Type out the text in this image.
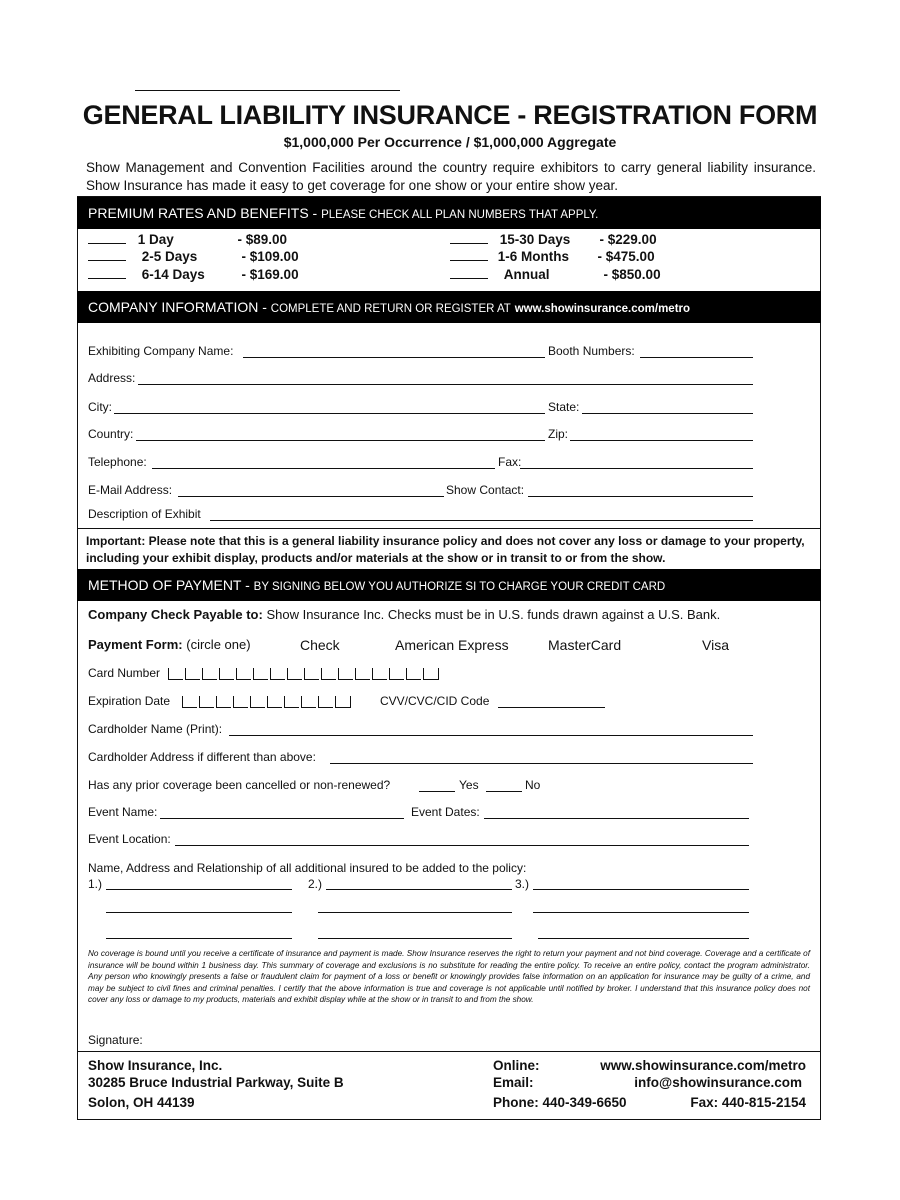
GENERAL LIABILITY INSURANCE - REGISTRATION FORM
$1,000,000 Per Occurrence / $1,000,000 Aggregate
Show Management and Convention Facilities around the country require exhibitors to carry general liability insurance. Show Insurance has made it easy to get coverage for one show or your entire show year.
PREMIUM RATES AND BENEFITS - PLEASE CHECK ALL PLAN NUMBERS THAT APPLY.
1 Day	- $89.00
2-5 Days	- $109.00
6-14 Days	- $169.00
15-30 Days - $229.00
1-6 Months - $475.00
Annual	- $850.00
COMPANY INFORMATION - COMPLETE AND RETURN OR REGISTER AT www.showinsurance.com/metro
Exhibiting Company Name:	Booth Numbers:
Address:
City:	State:
Country:	Zip:
Telephone:	Fax:
E-Mail Address:	Show Contact:
Description of Exhibit
Important: Please note that this is a general liability insurance policy and does not cover any loss or damage to your property, including your exhibit display, products and/or materials at the show or in transit to or from the show.
METHOD OF PAYMENT - BY SIGNING BELOW YOU AUTHORIZE SI TO CHARGE YOUR CREDIT CARD
Company Check Payable to: Show Insurance Inc. Checks must be in U.S. funds drawn against a U.S. Bank.
Payment Form: (circle one)	Check	American Express	MasterCard	Visa
Card Number
Expiration Date	CVV/CVC/CID Code
Cardholder Name (Print):
Cardholder Address if different than above:
Has any prior coverage been cancelled or non-renewed?	Yes	No
Event Name:	Event Dates:
Event Location:
Name, Address and Relationship of all additional insured to be added to the policy:
1.)	2.)	3.)
No coverage is bound until you receive a certificate of insurance and payment is made. Show Insurance reserves the right to return your payment and not bind coverage. Coverage and a certificate of insurance will be bound within 1 business day. This summary of coverage and exclusions is no substitute for reading the entire policy. To receive an entire policy, contact the program administrator. Any person who knowingly presents a false or fraudulent claim for payment of a loss or benefit or knowingly provides false information on an application for insurance may be guilty of a crime, and may be subject to civil fines and criminal penalties. I certify that the above information is true and coverage is not applicable until notified by broker. I understand that this insurance policy does not cover any loss or damage to my products, materials and exhibit display while at the show or in transit to and from the show.
Signature:
Show Insurance, Inc.
30285 Bruce Industrial Parkway, Suite B
Solon, OH 44139
Online:	www.showinsurance.com/metro
Email:	info@showinsurance.com
Phone: 440-349-6650	Fax: 440-815-2154
